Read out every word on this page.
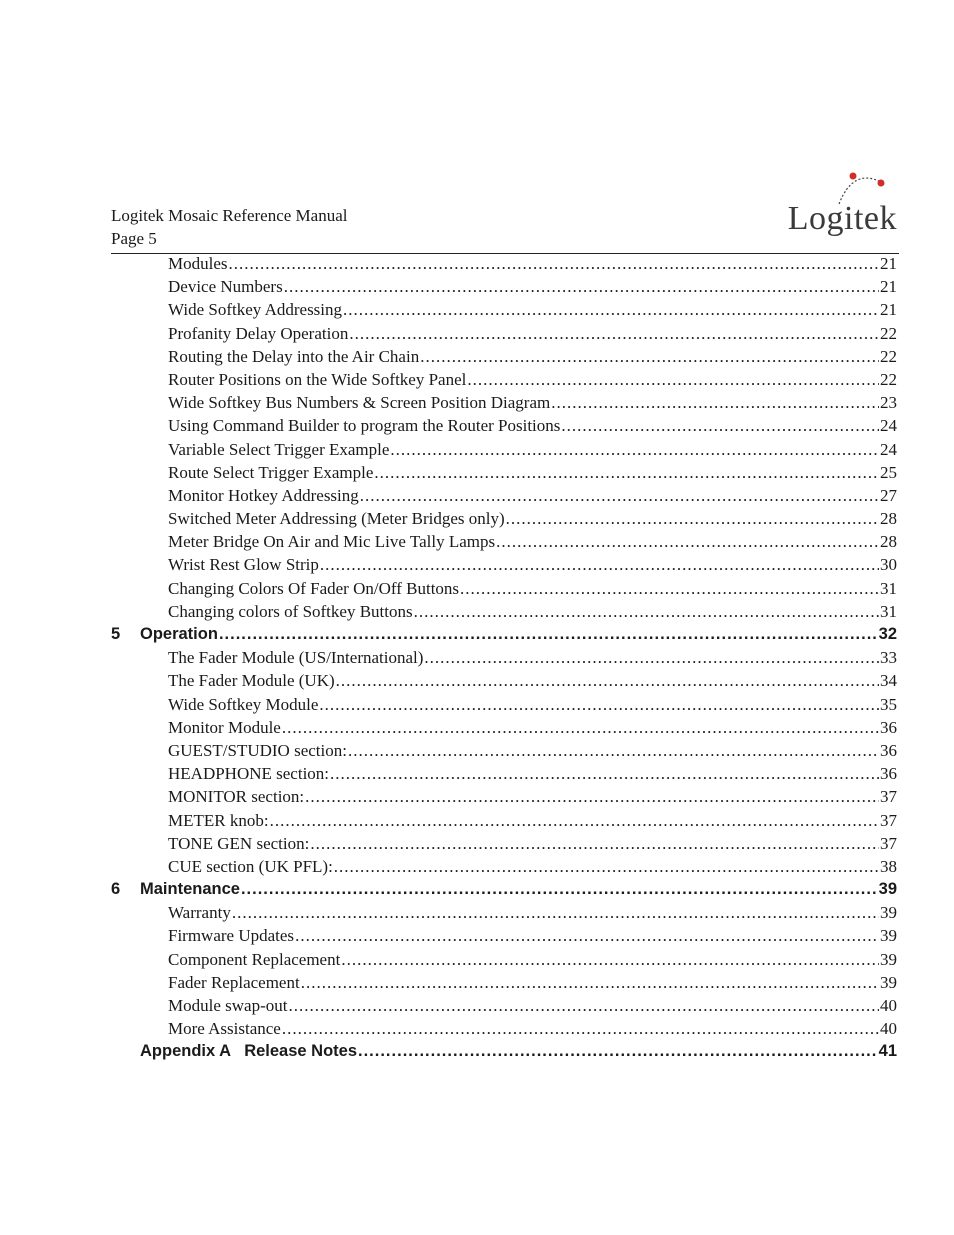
Logitek Mosaic Reference Manual
Page 5
Logitek
Modules .....	21
Device Numbers .....	21
Wide Softkey Addressing .....	21
Profanity Delay Operation .....	22
Routing the Delay into the Air Chain .....	22
Router Positions on the Wide Softkey Panel .....	22
Wide Softkey Bus Numbers & Screen Position Diagram .....	23
Using Command Builder to program the Router Positions .....	24
Variable Select Trigger Example .....	24
Route Select Trigger Example .....	25
Monitor Hotkey Addressing .....	27
Switched Meter Addressing (Meter Bridges only) .....	28
Meter Bridge On Air and Mic Live Tally Lamps .....	28
Wrist Rest Glow Strip .....	30
Changing Colors Of Fader On/Off Buttons .....	31
Changing colors of Softkey Buttons .....	31
5	Operation .....	32
The Fader Module (US/International) .....	33
The Fader Module (UK) .....	34
Wide Softkey Module .....	35
Monitor Module .....	36
GUEST/STUDIO section: .....	36
HEADPHONE section: .....	36
MONITOR section: .....	37
METER knob: .....	37
TONE GEN section: .....	37
CUE section (UK PFL): .....	38
6	Maintenance .....	39
Warranty .....	39
Firmware Updates .....	39
Component Replacement .....	39
Fader Replacement .....	39
Module swap-out .....	40
More Assistance .....	40
Appendix A   Release Notes .....	41
